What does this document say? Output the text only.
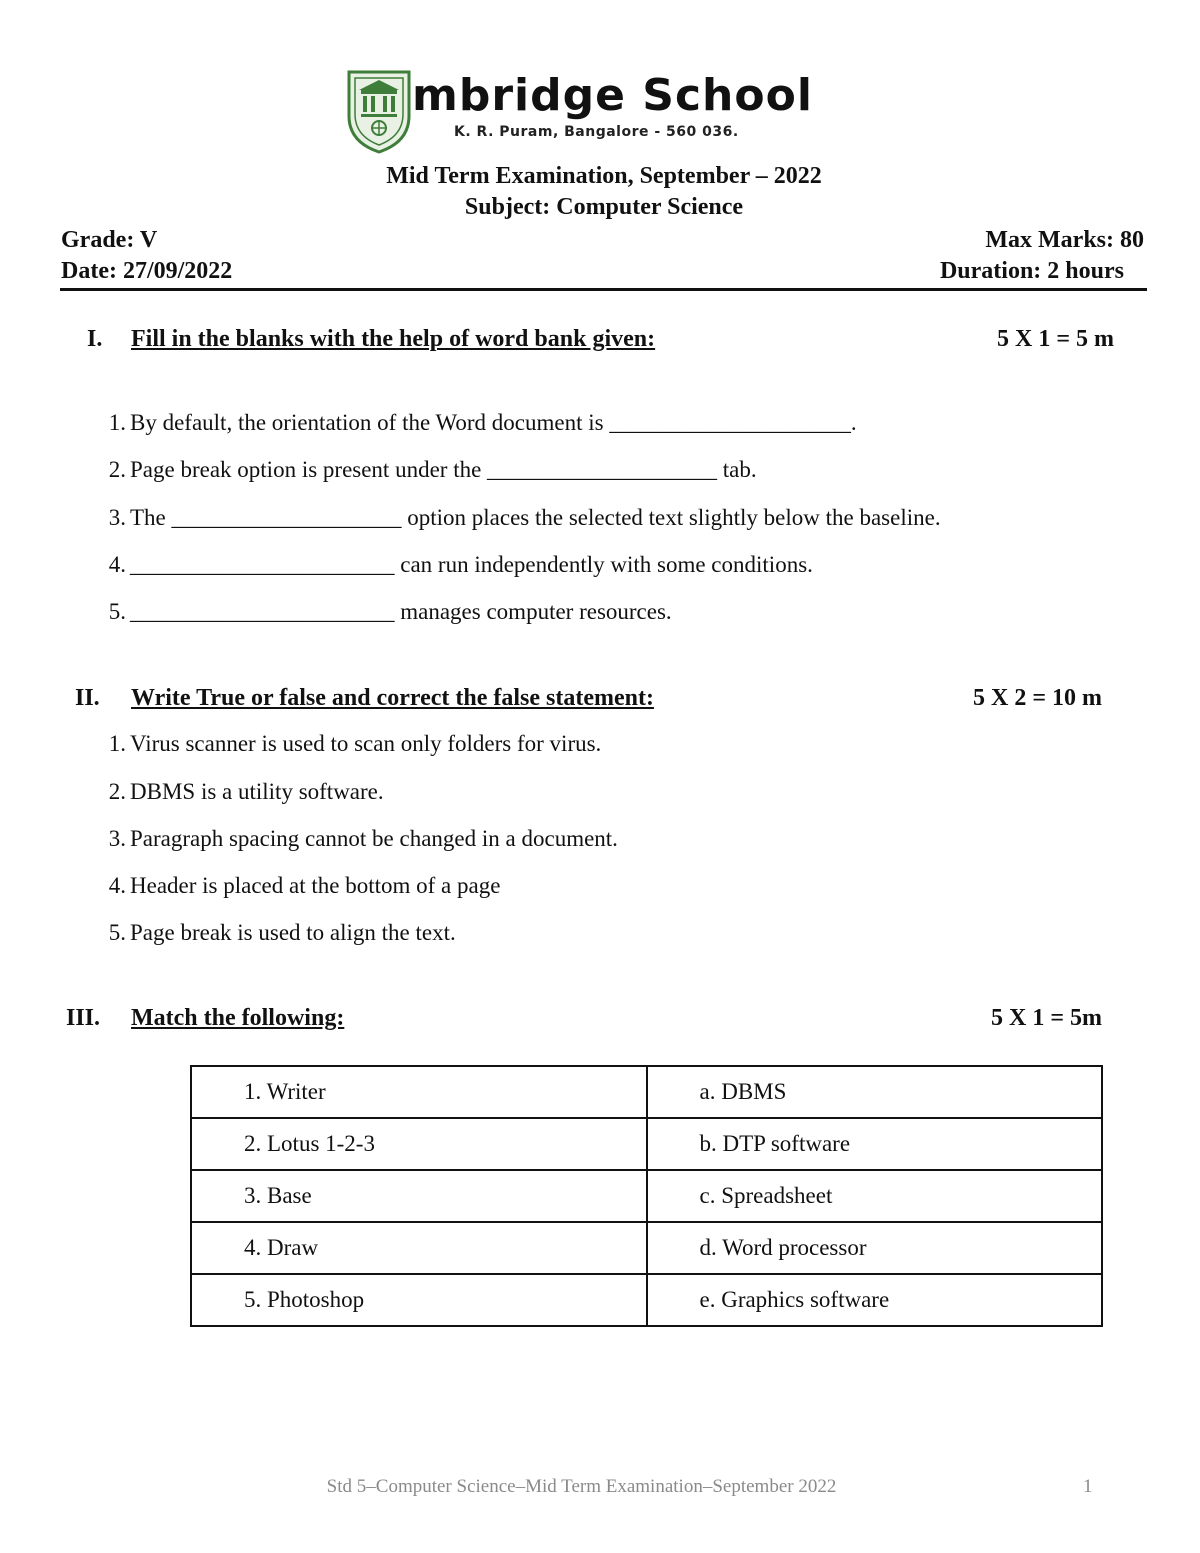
mbridge School
K. R. Puram, Bangalore - 560 036.
Mid Term Examination, September – 2022
Subject: Computer Science
Grade: V
Date: 27/09/2022
Max Marks: 80
Duration: 2 hours
I. Fill in the blanks with the help of word bank given:	5 X 1 = 5 m
1. By default, the orientation of the Word document is _____________________.
2. Page break option is present under the ____________________ tab.
3. The ____________________ option places the selected text slightly below the baseline.
4. _______________________ can run independently with some conditions.
5. _______________________ manages computer resources.
II. Write True or false and correct the false statement:	5 X 2 = 10 m
1. Virus scanner is used to scan only folders for virus.
2. DBMS is a utility software.
3. Paragraph spacing cannot be changed in a document.
4. Header is placed at the bottom of a page
5. Page break is used to align the text.
III. Match the following:	5 X 1 = 5m
1. Writer	a. DBMS
2. Lotus 1-2-3	b. DTP software
3. Base	c. Spreadsheet
4. Draw	d. Word processor
5. Photoshop	e. Graphics software
Std 5–Computer Science–Mid Term Examination–September 2022	1
